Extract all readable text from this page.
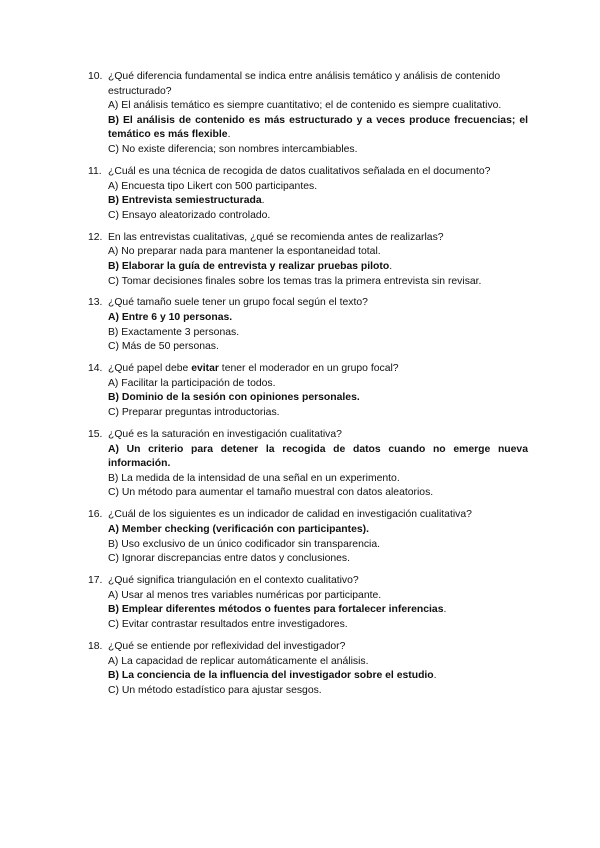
10. ¿Qué diferencia fundamental se indica entre análisis temático y análisis de contenido estructurado?
A) El análisis temático es siempre cuantitativo; el de contenido es siempre cualitativo.
B) El análisis de contenido es más estructurado y a veces produce frecuencias; el temático es más flexible.
C) No existe diferencia; son nombres intercambiables.
11. ¿Cuál es una técnica de recogida de datos cualitativos señalada en el documento?
A) Encuesta tipo Likert con 500 participantes.
B) Entrevista semiestructurada.
C) Ensayo aleatorizado controlado.
12. En las entrevistas cualitativas, ¿qué se recomienda antes de realizarlas?
A) No preparar nada para mantener la espontaneidad total.
B) Elaborar la guía de entrevista y realizar pruebas piloto.
C) Tomar decisiones finales sobre los temas tras la primera entrevista sin revisar.
13. ¿Qué tamaño suele tener un grupo focal según el texto?
A) Entre 6 y 10 personas.
B) Exactamente 3 personas.
C) Más de 50 personas.
14. ¿Qué papel debe evitar tener el moderador en un grupo focal?
A) Facilitar la participación de todos.
B) Dominio de la sesión con opiniones personales.
C) Preparar preguntas introductorias.
15. ¿Qué es la saturación en investigación cualitativa?
A) Un criterio para detener la recogida de datos cuando no emerge nueva información.
B) La medida de la intensidad de una señal en un experimento.
C) Un método para aumentar el tamaño muestral con datos aleatorios.
16. ¿Cuál de los siguientes es un indicador de calidad en investigación cualitativa?
A) Member checking (verificación con participantes).
B) Uso exclusivo de un único codificador sin transparencia.
C) Ignorar discrepancias entre datos y conclusiones.
17. ¿Qué significa triangulación en el contexto cualitativo?
A) Usar al menos tres variables numéricas por participante.
B) Emplear diferentes métodos o fuentes para fortalecer inferencias.
C) Evitar contrastar resultados entre investigadores.
18. ¿Qué se entiende por reflexividad del investigador?
A) La capacidad de replicar automáticamente el análisis.
B) La conciencia de la influencia del investigador sobre el estudio.
C) Un método estadístico para ajustar sesgos.
